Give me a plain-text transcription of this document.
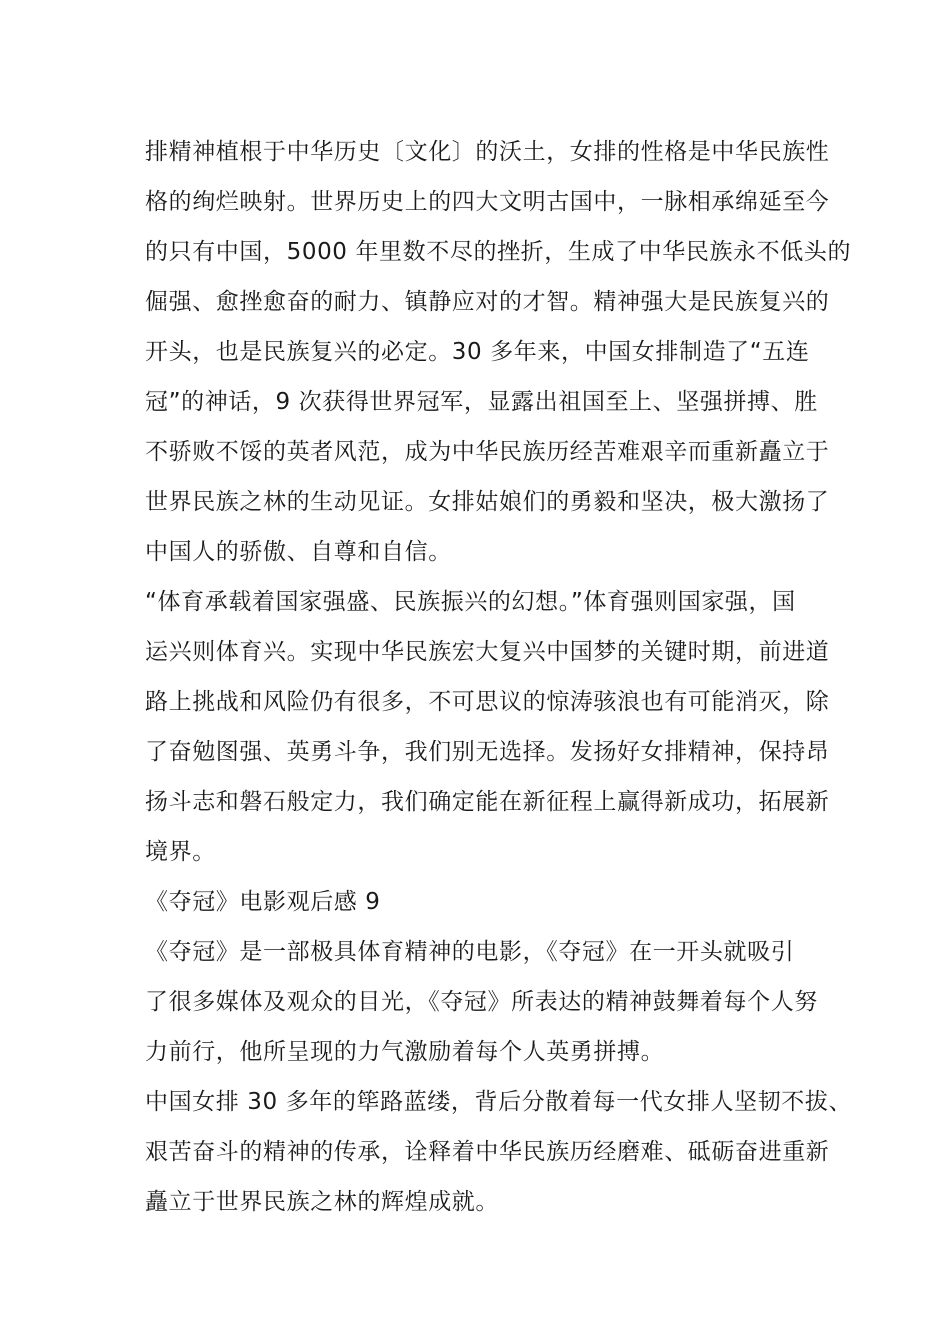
排精神植根于中华历史〔文化〕的沃土，女排的性格是中华民族性
格的绚烂映射。世界历史上的四大文明古国中，一脉相承绵延至今
的只有中国，5000 年里数不尽的挫折，生成了中华民族永不低头的
倔强、愈挫愈奋的耐力、镇静应对的才智。精神强大是民族复兴的
开头，也是民族复兴的必定。30 多年来，中国女排制造了“五连
冠”的神话，9 次获得世界冠军，显露出祖国至上、坚强拼搏、胜
不骄败不馁的英者风范，成为中华民族历经苦难艰辛而重新矗立于
世界民族之林的生动见证。女排姑娘们的勇毅和坚决，极大激扬了
中国人的骄傲、自尊和自信。
“体育承载着国家强盛、民族振兴的幻想。”体育强则国家强，国
运兴则体育兴。实现中华民族宏大复兴中国梦的关键时期，前进道
路上挑战和风险仍有很多，不可思议的惊涛骇浪也有可能消灭，除
了奋勉图强、英勇斗争，我们别无选择。发扬好女排精神，保持昂
扬斗志和磐石般定力，我们确定能在新征程上赢得新成功，拓展新
境界。
《夺冠》电影观后感 9
《夺冠》是一部极具体育精神的电影，《夺冠》在一开头就吸引
了很多媒体及观众的目光，《夺冠》所表达的精神鼓舞着每个人努
力前行，他所呈现的力气激励着每个人英勇拼搏。
中国女排 30 多年的筚路蓝缕，背后分散着每一代女排人坚韧不拔、
艰苦奋斗的精神的传承，诠释着中华民族历经磨难、砥砺奋进重新
矗立于世界民族之林的辉煌成就。
